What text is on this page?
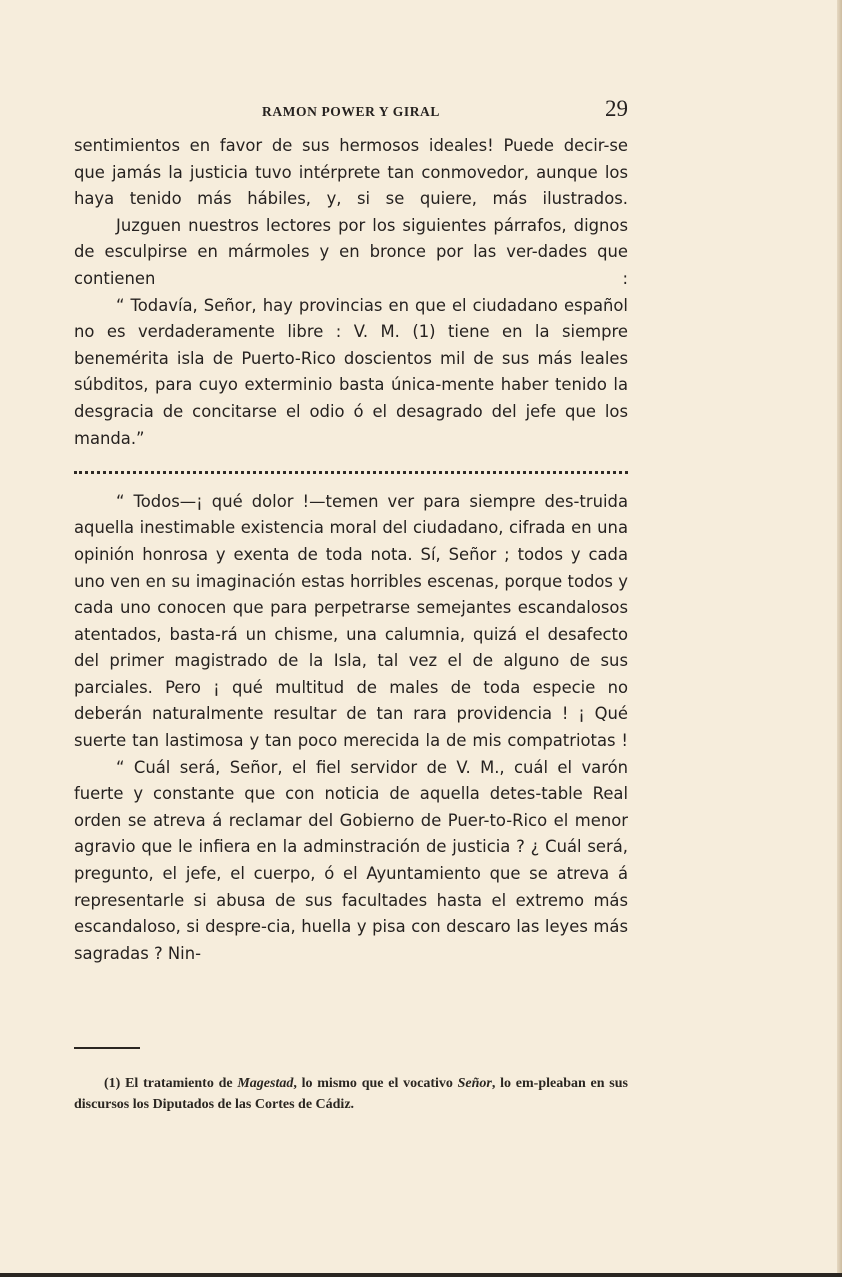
RAMON POWER Y GIRAL	29

sentimientos en favor de sus hermosos ideales! Puede decir-se que jamás la justicia tuvo intérprete tan conmovedor, aunque los haya tenido más hábiles, y, si se quiere, más ilustrados.

Juzguen nuestros lectores por los siguientes párrafos, dignos de esculpirse en mármoles y en bronce por las ver-dades que contienen :

“ Todavía, Señor, hay provincias en que el ciudadano español no es verdaderamente libre : V. M. (1) tiene en la siempre benemérita isla de Puerto-Rico doscientos mil de sus más leales súbditos, para cuyo exterminio basta única-mente haber tenido la desgracia de concitarse el odio ó el desagrado del jefe que los manda.”

“ Todos—¡ qué dolor !—temen ver para siempre des-truida aquella inestimable existencia moral del ciudadano, cifrada en una opinión honrosa y exenta de toda nota. Sí, Señor ; todos y cada uno ven en su imaginación estas horribles escenas, porque todos y cada uno conocen que para perpetrarse semejantes escandalosos atentados, basta-rá un chisme, una calumnia, quizá el desafecto del primer magistrado de la Isla, tal vez el de alguno de sus parciales. Pero ¡ qué multitud de males de toda especie no deberán naturalmente resultar de tan rara providencia ! ¡ Qué suerte tan lastimosa y tan poco merecida la de mis compatriotas !

“ Cuál será, Señor, el fiel servidor de V. M., cuál el varón fuerte y constante que con noticia de aquella detes-table Real orden se atreva á reclamar del Gobierno de Puer-to-Rico el menor agravio que le infiera en la adminstración de justicia ? ¿ Cuál será, pregunto, el jefe, el cuerpo, ó el Ayuntamiento que se atreva á representarle si abusa de sus facultades hasta el extremo más escandaloso, si despre-cia, huella y pisa con descaro las leyes más sagradas ? Nin-

(1) El tratamiento de Magestad, lo mismo que el vocativo Señor, lo em-pleaban en sus discursos los Diputados de las Cortes de Cádiz.
